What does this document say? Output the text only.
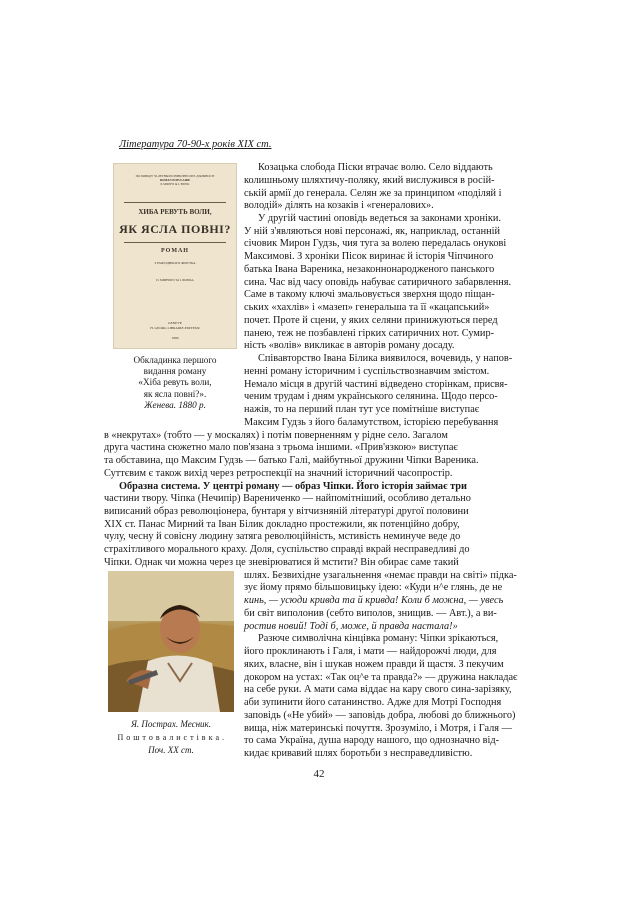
Література 70-90-х років XIX ст.
ПО ПОВОДУ 50-ЛЕТНЬОГО ЮВИЛЕЮ ЛИТ. ДІЯЛЬНОСТІ
ROMAN POPULAIRE
P. MIRNYI & I. BILYK
ХИБА РЕВУТЬ ВОЛИ,
ЯК ЯСЛА ПОВНІ?
РОМАН
З НАРОДНЬОГО ЖИТТЬА
П. МИРНОГО ТА І. БІЛИКА
GENEVE
H. GEORG LIBRAIRE-EDITEUR
1880
Обкладинка першого
видання роману
«Хіба ревуть воли,
як ясла повні?».
Женева. 1880 р.
Я. Пострах. Месник.
П о ш т о в а л и с т і в к а .
Поч. XX ст.
Козацька слобода Піски втрачає волю. Село віддають
колишньому шляхтичу-поляку, який вислужився в росій-
ській армії до генерала. Селян же за принципом «поділяй і
володій» ділять на козаків і «генералових».
У другій частині оповідь ведеться за законами хроніки.
У ній з'являються нові персонажі, як, наприклад, останній
січовик Мирон Гудзь, чия туга за волею передалась онукові
Максимові. З хроніки Пісок виринає й історія Чіпчиного
батька Івана Вареника, незаконнонародженого панського
сина. Час від часу оповідь набуває сатиричного забарвлення.
Саме в такому ключі змальовується зверхня щодо піщан-
ських «хахлів» і «мазеп» генеральша та її «кацапський»
почет. Проте й сцени, у яких селяни принижуються перед
панею, теж не позбавлені гірких сатиричних нот. Сумир-
ність «волів» викликає в авторів роману досаду.
Співавторство Івана Білика виявилося, вочевидь, у напов-
ненні роману історичним і суспільствознавчим змістом.
Немало місця в другій частині відведено сторінкам, присвя-
ченим трудам і дням українського селянина. Щодо персо-
нажів, то на перший план тут усе помітніше виступає
Максим Гудзь з його баламутством, історією перебування
в «некрутах» (тобто — у москалях) і потім поверненням у рідне село. Загалом
друга частина сюжетно мало пов'язана з трьома іншими. «Прив'язкою» виступає
та обставина, що Максим Гудзь — батько Галі, майбутньої дружини Чіпки Вареника.
Суттєвим є також вихід через ретроспекції на значний історичний часопростір.
Образна система. У центрі роману — образ Чіпки. Його історія займає три
частини твору. Чіпка (Нечипір) Варениченко — найпомітніший, особливо детально
виписаний образ революціонера, бунтаря у вітчизняній літературі другої половини
XIX ст. Панас Мирний та Іван Білик докладно простежили, як потенційно добру,
чулу, чесну й совісну людину затяга революційність, мстивість неминуче веде до
страхітливого морального краху. Доля, суспільство справді вкрай несправедливі до
Чіпки. Однак чи можна через це зневірюватися й мстити? Він обирає саме такий
шлях. Безвихідне узагальнення «немає правди на світі» підка-
зує йому прямо більшовицьку ідею: «Куди н^е глянь, де не
кинь, — усюди кривда та й кривда! Коли б можна, — увесь
би світ виполонив (себто виполов, знищив. — Авт.), а ви-
ростив новий! Тоді б, може, й правда настала!»
Разюче символічна кінцівка роману: Чіпки зрікаються,
його проклинають і Галя, і мати — найдорожчі люди, для
яких, власне, він і шукав ножем правди й щастя. З пекучим
докором на устах: «Так оц^е та правда?» — дружина накладає
на себе руки. А мати сама віддає на кару свого сина-зарізяку,
аби зупинити його сатанинство. Адже для Мотрі Господня
заповідь («Не убий» — заповідь добра, любові до ближнього)
вища, ніж материнські почуття. Зрозуміло, і Мотря, і Галя —
то сама Україна, душа народу нашого, що однозначно від-
кидає кривавий шлях боротьби з несправедливістю.
42
